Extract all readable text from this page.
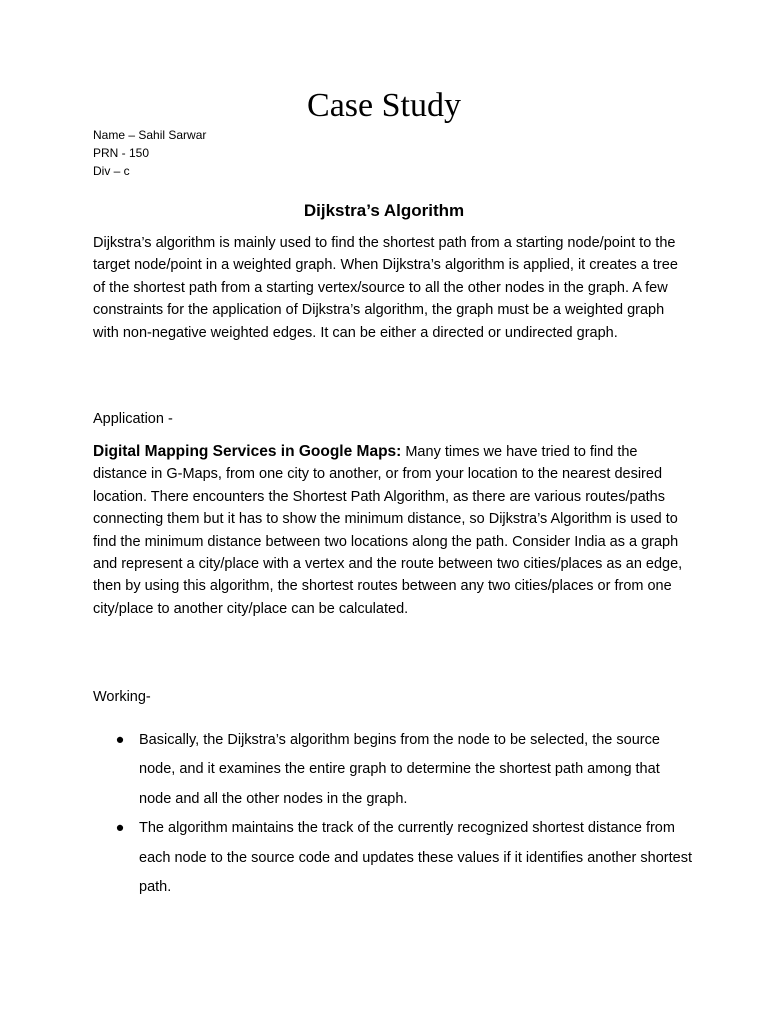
Case Study
Name – Sahil Sarwar
PRN - 150
Div – c
Dijkstra’s Algorithm
Dijkstra’s algorithm is mainly used to find the shortest path from a starting node/point to the target node/point in a weighted graph. When Dijkstra’s algorithm is applied, it creates a tree of the shortest path from a starting vertex/source to all the other nodes in the graph. A few constraints for the application of Dijkstra’s algorithm, the graph must be a weighted graph with non-negative weighted edges. It can be either a directed or undirected graph.
Application -
Digital Mapping Services in Google Maps: Many times we have tried to find the distance in G-Maps, from one city to another, or from your location to the nearest desired location. There encounters the Shortest Path Algorithm, as there are various routes/paths connecting them but it has to show the minimum distance, so Dijkstra’s Algorithm is used to find the minimum distance between two locations along the path. Consider India as a graph and represent a city/place with a vertex and the route between two cities/places as an edge, then by using this algorithm, the shortest routes between any two cities/places or from one city/place to another city/place can be calculated.
Working-
● Basically, the Dijkstra’s algorithm begins from the node to be selected, the source node, and it examines the entire graph to determine the shortest path among that node and all the other nodes in the graph.
● The algorithm maintains the track of the currently recognized shortest distance from each node to the source code and updates these values if it identifies another shortest path.
